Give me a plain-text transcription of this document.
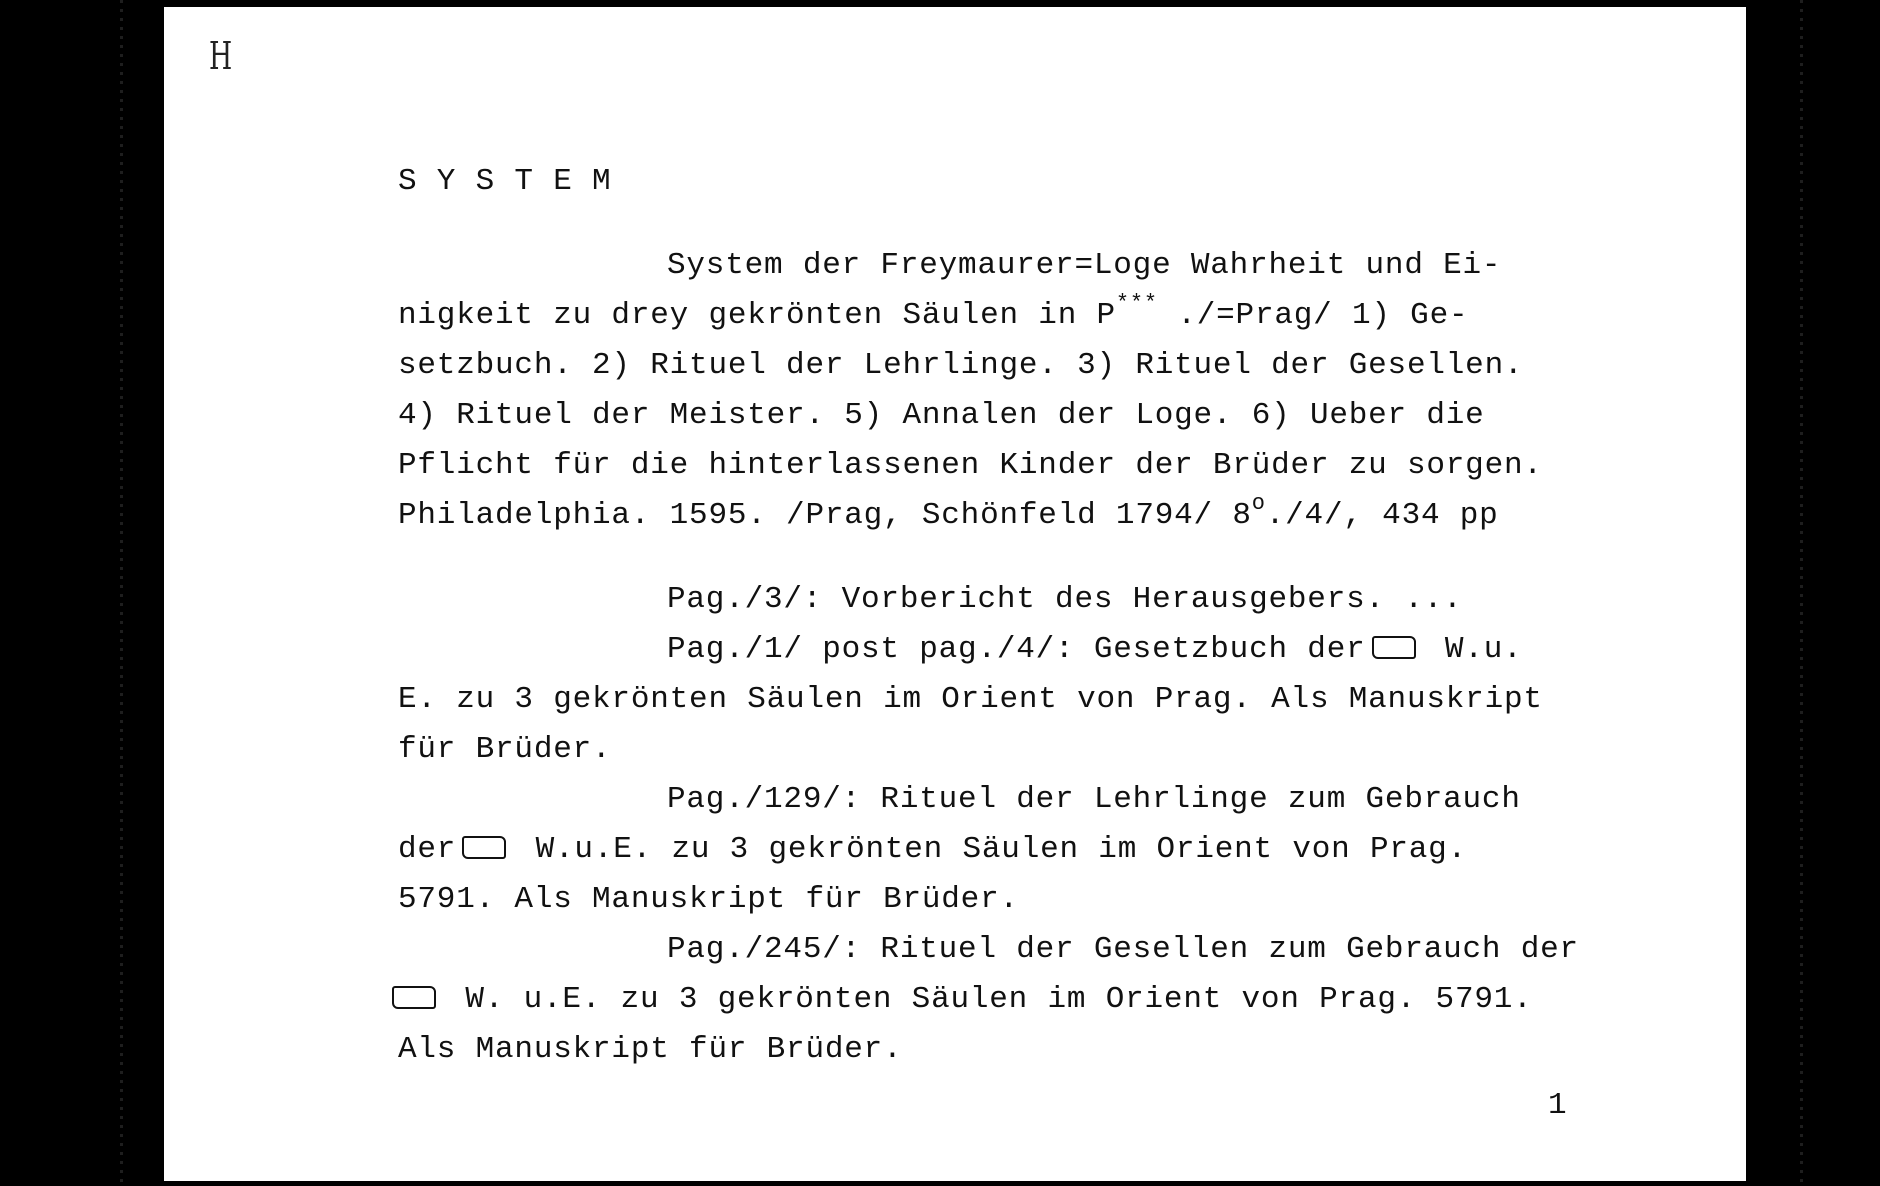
H
S Y S T E M
System der Freymaurer=Loge Wahrheit und Ei-
nigkeit zu drey gekrönten Säulen in P*** ./=Prag/ 1) Ge-
setzbuch. 2) Rituel der Lehrlinge. 3) Rituel der Gesellen.
4) Rituel der Meister. 5) Annalen der Loge. 6) Ueber die
Pflicht für die hinterlassenen Kinder der Brüder zu sorgen.
Philadelphia. 1595. /Prag, Schönfeld 1794/ 8$^o$./4/, 434 pp
Pag./3/: Vorbericht des Herausgebers. ...
Pag./1/ post pag./4/: Gesetzbuch der W.u.
E. zu 3 gekrönten Säulen im Orient von Prag. Als Manuskript
für Brüder.
Pag./129/: Rituel der Lehrlinge zum Gebrauch
der W.u.E. zu 3 gekrönten Säulen im Orient von Prag.
5791. Als Manuskript für Brüder.
Pag./245/: Rituel der Gesellen zum Gebrauch der
W. u.E. zu 3 gekrönten Säulen im Orient von Prag. 5791.
Als Manuskript für Brüder.
1
